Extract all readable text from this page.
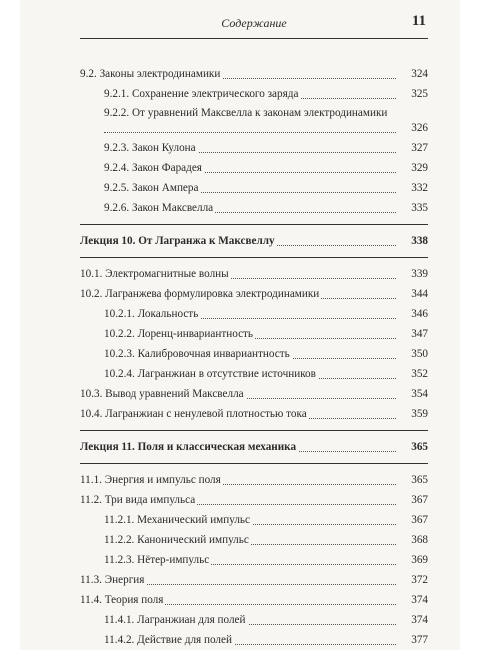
Содержание	11
9.2. Законы электродинамики	324
9.2.1. Сохранение электрического заряда	325
9.2.2. От уравнений Максвелла к законам электродинамики
326
9.2.3. Закон Кулона	327
9.2.4. Закон Фарадея	329
9.2.5. Закон Ампера	332
9.2.6. Закон Максвелла	335
Лекция 10. От Лагранжа к Максвеллу	338
10.1. Электромагнитные волны	339
10.2. Лагранжева формулировка электродинамики	344
10.2.1. Локальность	346
10.2.2. Лоренц-инвариантность	347
10.2.3. Калибровочная инвариантность	350
10.2.4. Лагранжиан в отсутствие источников	352
10.3. Вывод уравнений Максвелла	354
10.4. Лагранжиан с ненулевой плотностью тока	359
Лекция 11. Поля и классическая механика	365
11.1. Энергия и импульс поля	365
11.2. Три вида импульса	367
11.2.1. Механический импульс	367
11.2.2. Канонический импульс	368
11.2.3. Нётер-импульс	369
11.3. Энергия	372
11.4. Теория поля	374
11.4.1. Лагранжиан для полей	374
11.4.2. Действие для полей	377
